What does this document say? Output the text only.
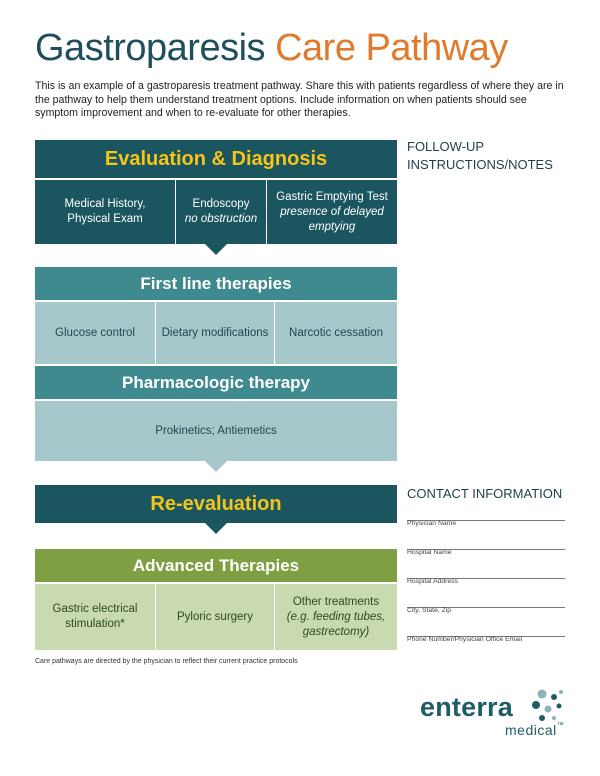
Gastroparesis Care Pathway
This is an example of a gastroparesis treatment pathway. Share this with patients regardless of where they are in the pathway to help them understand treatment options. Include information on when patients should see symptom improvement and when to re-evaluate for other therapies.
Evaluation & Diagnosis
Medical History,
Physical Exam
Endoscopy
no obstruction
Gastric Emptying Test
presence of delayed
emptying
First line therapies
Glucose control Dietary modifications Narcotic cessation
Pharmacologic therapy
Prokinetics; Antiemetics
Re-evaluation
Advanced Therapies
Gastric electrical
stimulation*
Pyloric surgery
Other treatments
(e.g. feeding tubes,
gastrectomy)
Care pathways are directed by the physician to reflect their current practice protocols
FOLLOW-UP
INSTRUCTIONS/NOTES
CONTACT INFORMATION
Physician Name
Hospital Name
Hospital Address
City, State, Zip
Phone Number/Physician Office Email
enterra
medical™
